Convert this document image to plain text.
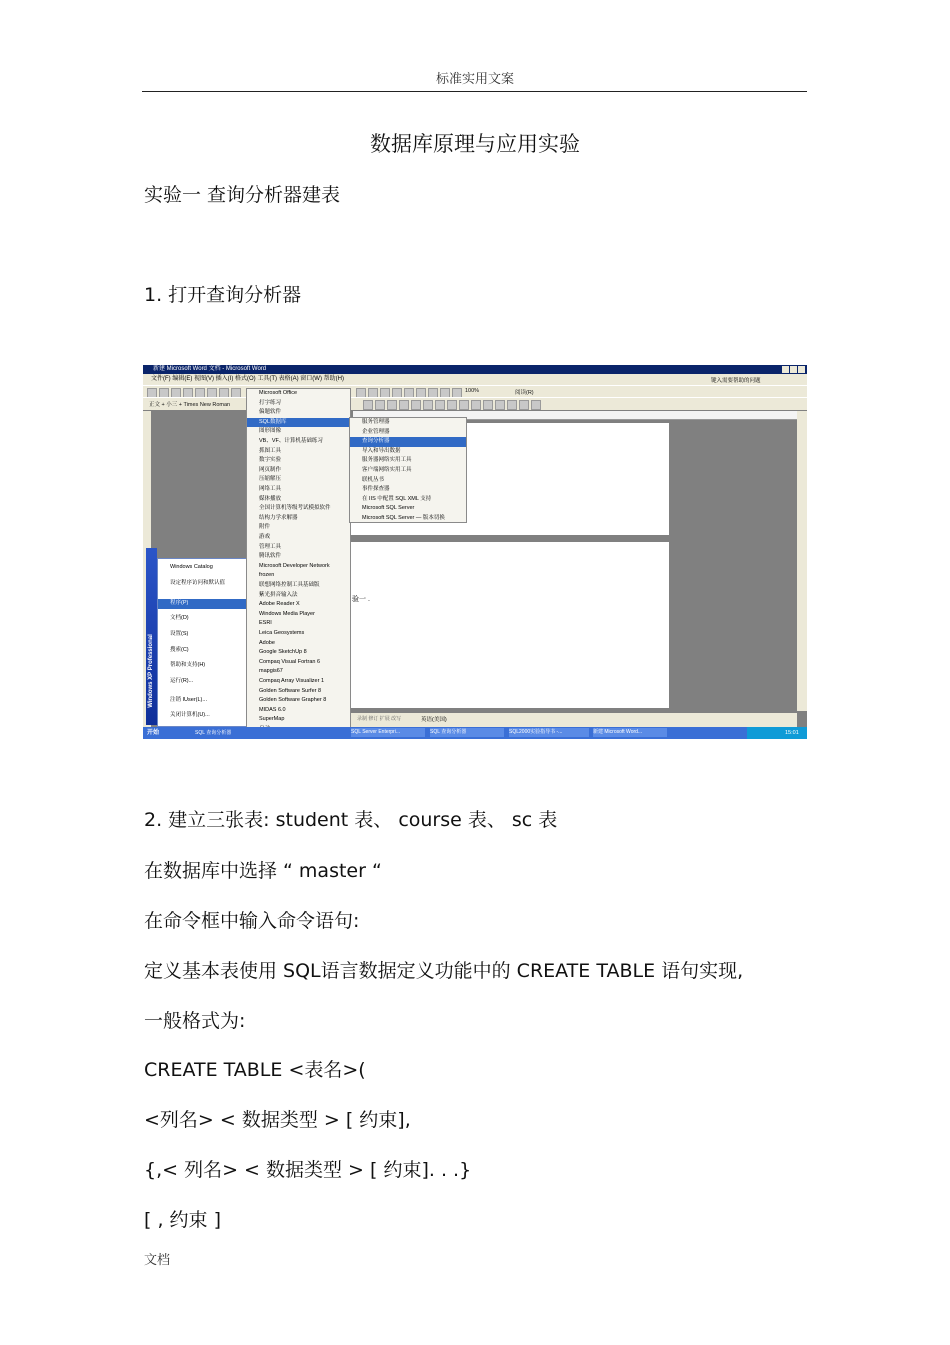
标准实用文案
数据库原理与应用实验
实验一 查询分析器建表
1. 打开查询分析器
新建 Microsoft Word 文档 - Microsoft Word
文件(F) 编辑(E) 视图(V) 插入(I) 格式(O) 工具(T) 表格(A) 窗口(W) 帮助(H)	键入需要帮助的问题
100%	阅读(R)
正文 + 小三 + Times New Roman
验一 .
录制 修订 扩展 改写	英语(美国)
Windows XP Professional
Windows Catalog
设定程序访问和默认值
程序(P)
文档(D)
设置(S)
搜索(C)
帮助和支持(H)
运行(R)...
注销 IUser(L)...
关闭计算机(U)...
Microsoft Office
打字练习
偏题软件
SQL数据库
图形图像
VB、VF、计算机基础练习
抓图工具
数字实验
网页制作
压缩解压
网络工具
媒体播放
全国计算机等级考试模拟软件
结构力学求解器
附件
游戏
管理工具
腾讯软件
Microsoft Developer Network
frozen
联想网络控制工具基础版
紫光拼音输入法
Adobe Reader X
Windows Media Player
ESRI
Leica Geosystems
Adobe
Google SketchUp 8
Compaq Visual Fortran 6
mapgis67
Compaq Array Visualizer 1
Golden Software Surfer 8
Golden Software Grapher 8
MIDAS 6.0
SuperMap
服务管理器
企业管理器
查询分析器
导入和导出数据
服务器网络实用工具
客户端网络实用工具
联机丛书
事件探查器
在 IIS 中配置 SQL XML 支持
Microsoft SQL Server
Microsoft SQL Server — 版本切换
开始	SQL 查询分析器	SQL Server Enterpri...	SQL 查询分析器	SQL2000实验指导书 -...	新建 Microsoft Word...	15:01
2. 建立三张表: student 表、 course 表、 sc 表
在数据库中选择 “ master “
在命令框中输入命令语句:
定义基本表使用 SQL语言数据定义功能中的 CREATE TABLE 语句实现,
一般格式为:
CREATE TABLE <表名>(
<列名> < 数据类型 > [ 约束],
{,< 列名> < 数据类型 > [ 约束]. . .}
[ , 约束 ]
文档
